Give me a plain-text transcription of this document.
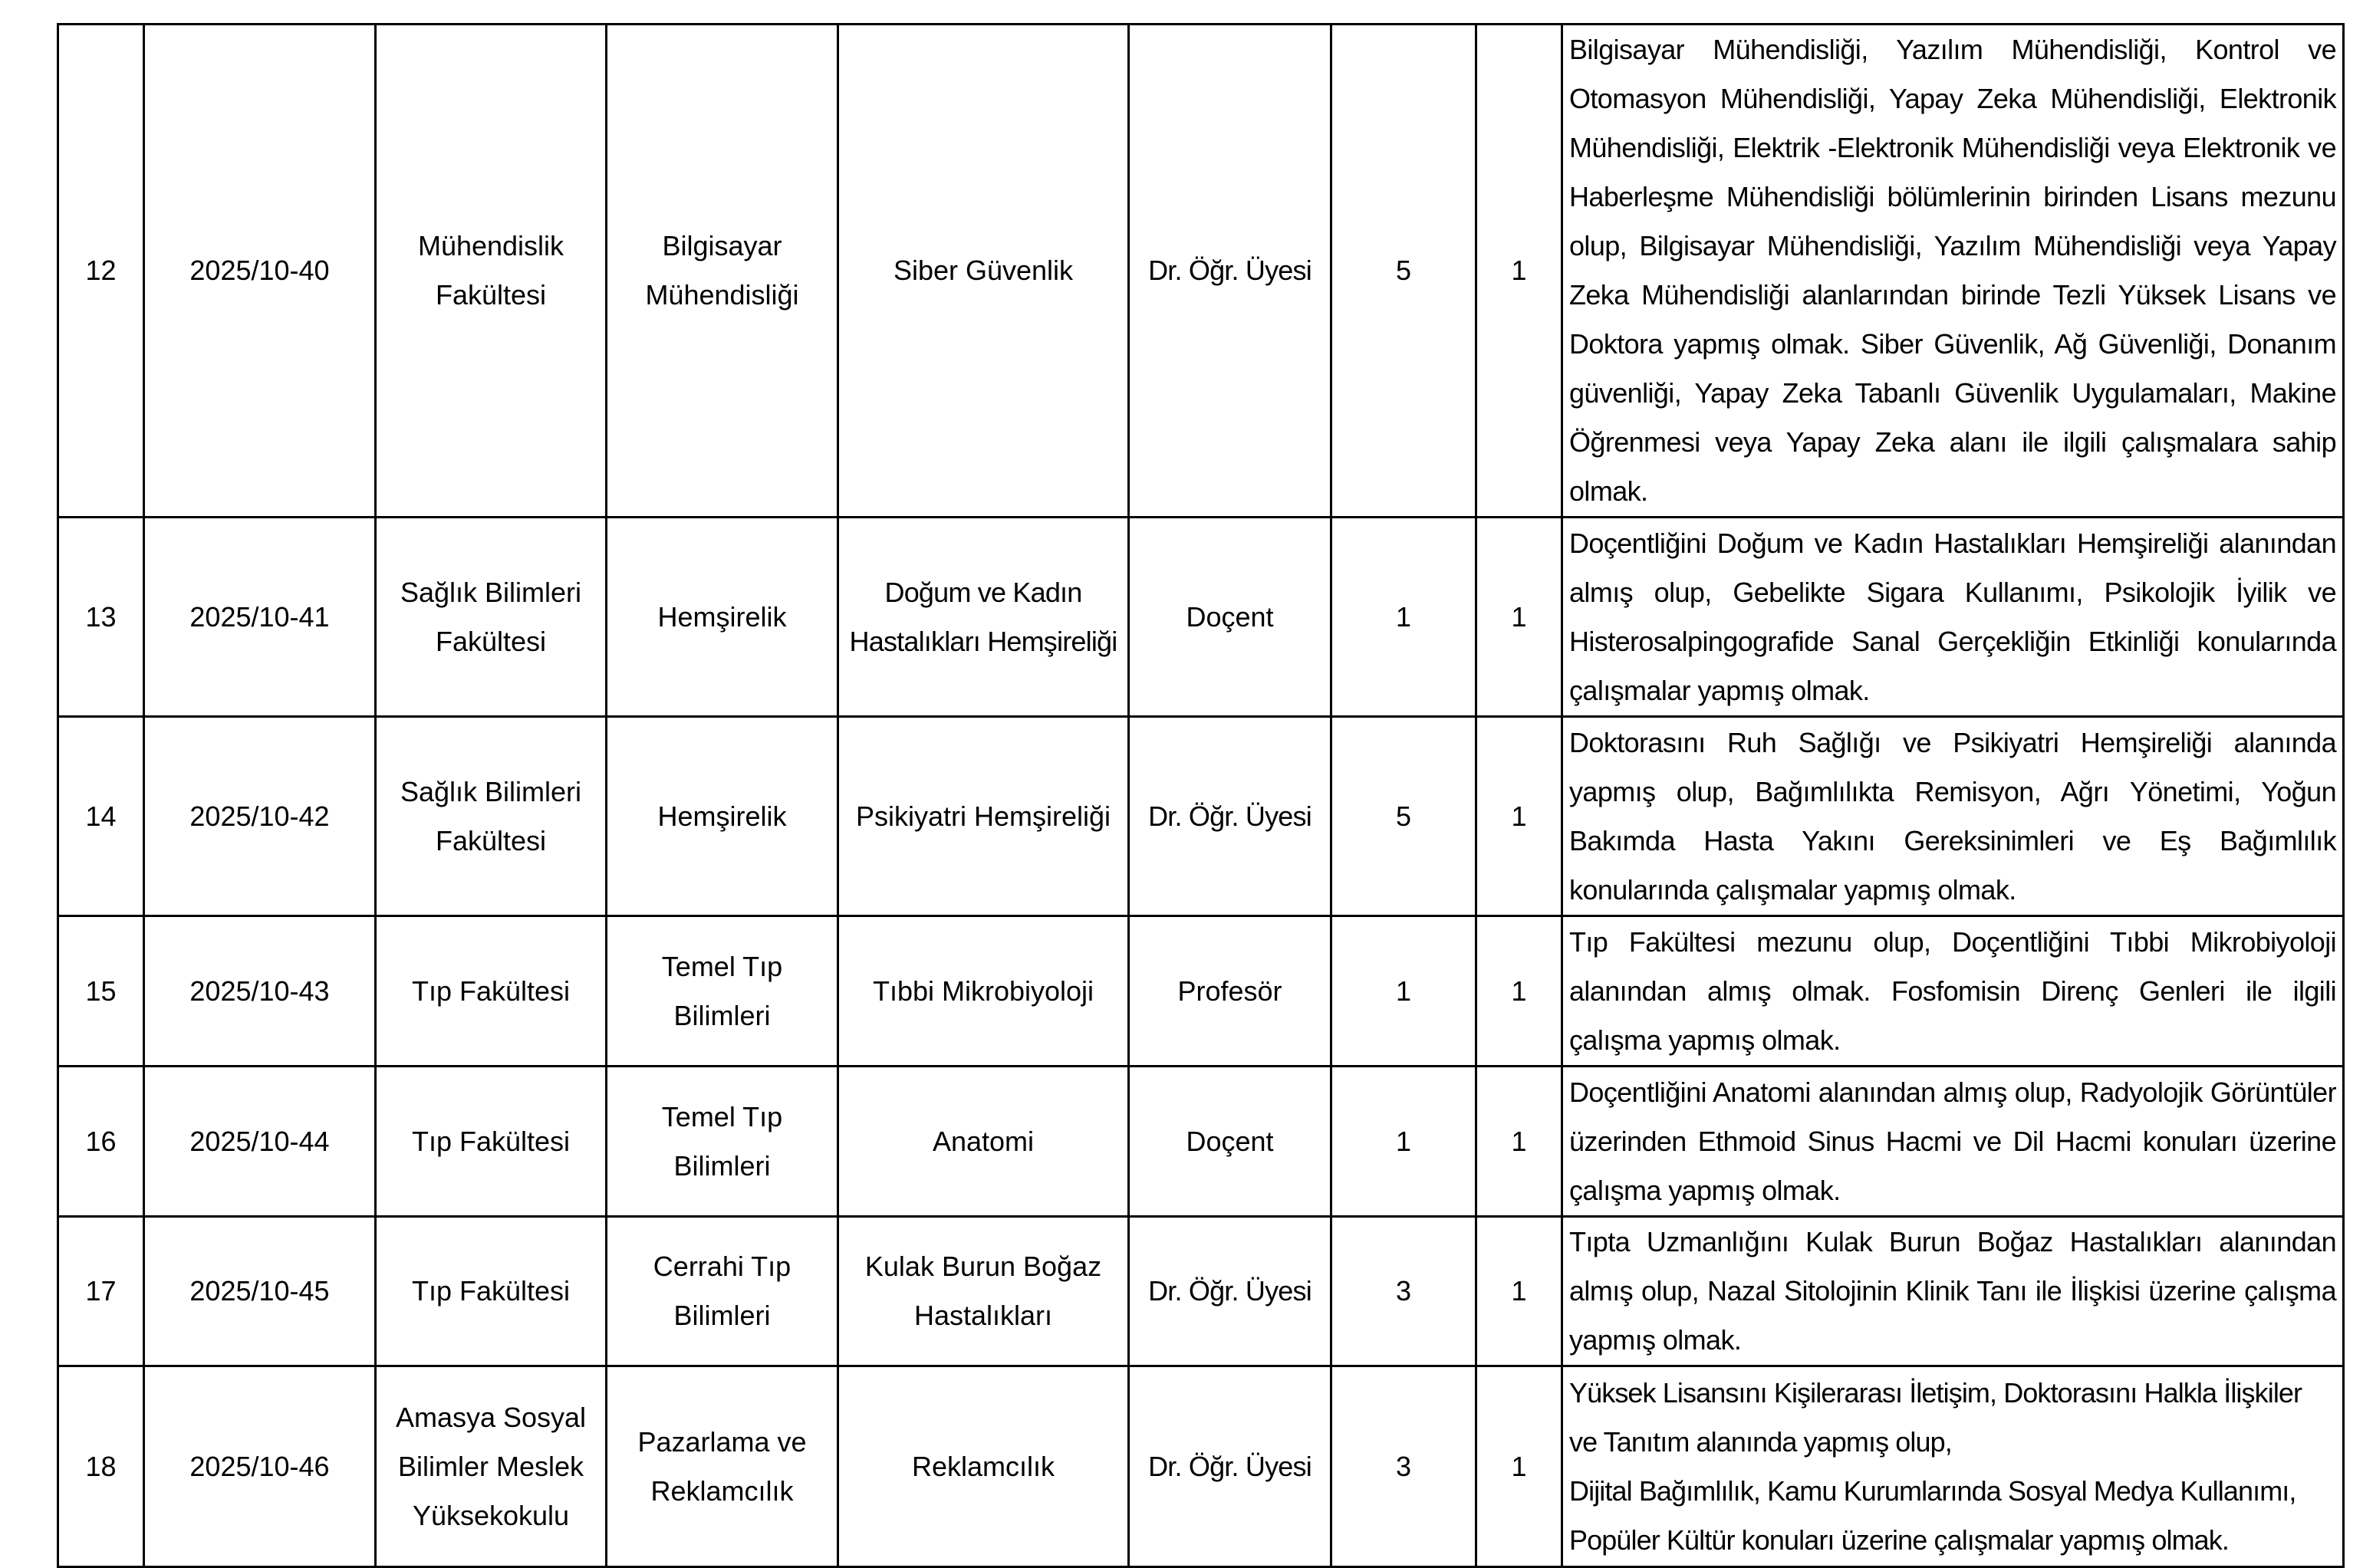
12	2025/10-40	Mühendislik Fakültesi	Bilgisayar Mühendisliği	Siber Güvenlik	Dr. Öğr. Üyesi	5	1	Bilgisayar Mühendisliği, Yazılım Mühendisliği, Kontrol ve Otomasyon Mühendisliği, Yapay Zeka Mühendisliği, Elektronik Mühendisliği, Elektrik -Elektronik Mühendisliği veya Elektronik ve Haberleşme Mühendisliği bölümlerinin birinden Lisans mezunu olup, Bilgisayar Mühendisliği, Yazılım Mühendisliği veya Yapay Zeka Mühendisliği alanlarından birinde Tezli Yüksek Lisans ve Doktora yapmış olmak. Siber Güvenlik, Ağ Güvenliği, Donanım güvenliği, Yapay Zeka Tabanlı Güvenlik Uygulamaları, Makine Öğrenmesi veya Yapay Zeka alanı ile ilgili çalışmalara sahip olmak.
13	2025/10-41	Sağlık Bilimleri Fakültesi	Hemşirelik	Doğum ve Kadın Hastalıkları Hemşireliği	Doçent	1	1	Doçentliğini Doğum ve Kadın Hastalıkları Hemşireliği alanından almış olup, Gebelikte Sigara Kullanımı, Psikolojik İyilik ve Histerosalpingografide Sanal Gerçekliğin Etkinliği konularında çalışmalar yapmış olmak.
14	2025/10-42	Sağlık Bilimleri Fakültesi	Hemşirelik	Psikiyatri Hemşireliği	Dr. Öğr. Üyesi	5	1	Doktorasını Ruh Sağlığı ve Psikiyatri Hemşireliği alanında yapmış olup, Bağımlılıkta Remisyon, Ağrı Yönetimi, Yoğun Bakımda Hasta Yakını Gereksinimleri ve Eş Bağımlılık konularında çalışmalar yapmış olmak.
15	2025/10-43	Tıp Fakültesi	Temel Tıp Bilimleri	Tıbbi Mikrobiyoloji	Profesör	1	1	Tıp Fakültesi mezunu olup, Doçentliğini Tıbbi Mikrobiyoloji alanından almış olmak. Fosfomisin Direnç Genleri ile ilgili çalışma yapmış olmak.
16	2025/10-44	Tıp Fakültesi	Temel Tıp Bilimleri	Anatomi	Doçent	1	1	Doçentliğini Anatomi alanından almış olup, Radyolojik Görüntüler üzerinden Ethmoid Sinus Hacmi ve Dil Hacmi konuları üzerine çalışma yapmış olmak.
17	2025/10-45	Tıp Fakültesi	Cerrahi Tıp Bilimleri	Kulak Burun Boğaz Hastalıkları	Dr. Öğr. Üyesi	3	1	Tıpta Uzmanlığını Kulak Burun Boğaz Hastalıkları alanından almış olup, Nazal Sitolojinin Klinik Tanı ile İlişkisi üzerine çalışma yapmış olmak.
18	2025/10-46	Amasya Sosyal Bilimler Meslek Yüksekokulu	Pazarlama ve Reklamcılık	Reklamcılık	Dr. Öğr. Üyesi	3	1	Yüksek Lisansını Kişilerarası İletişim, Doktorasını Halkla İlişkiler ve Tanıtım alanında yapmış olup,
Dijital Bağımlılık, Kamu Kurumlarında Sosyal Medya Kullanımı, Popüler Kültür konuları üzerine çalışmalar yapmış olmak.
